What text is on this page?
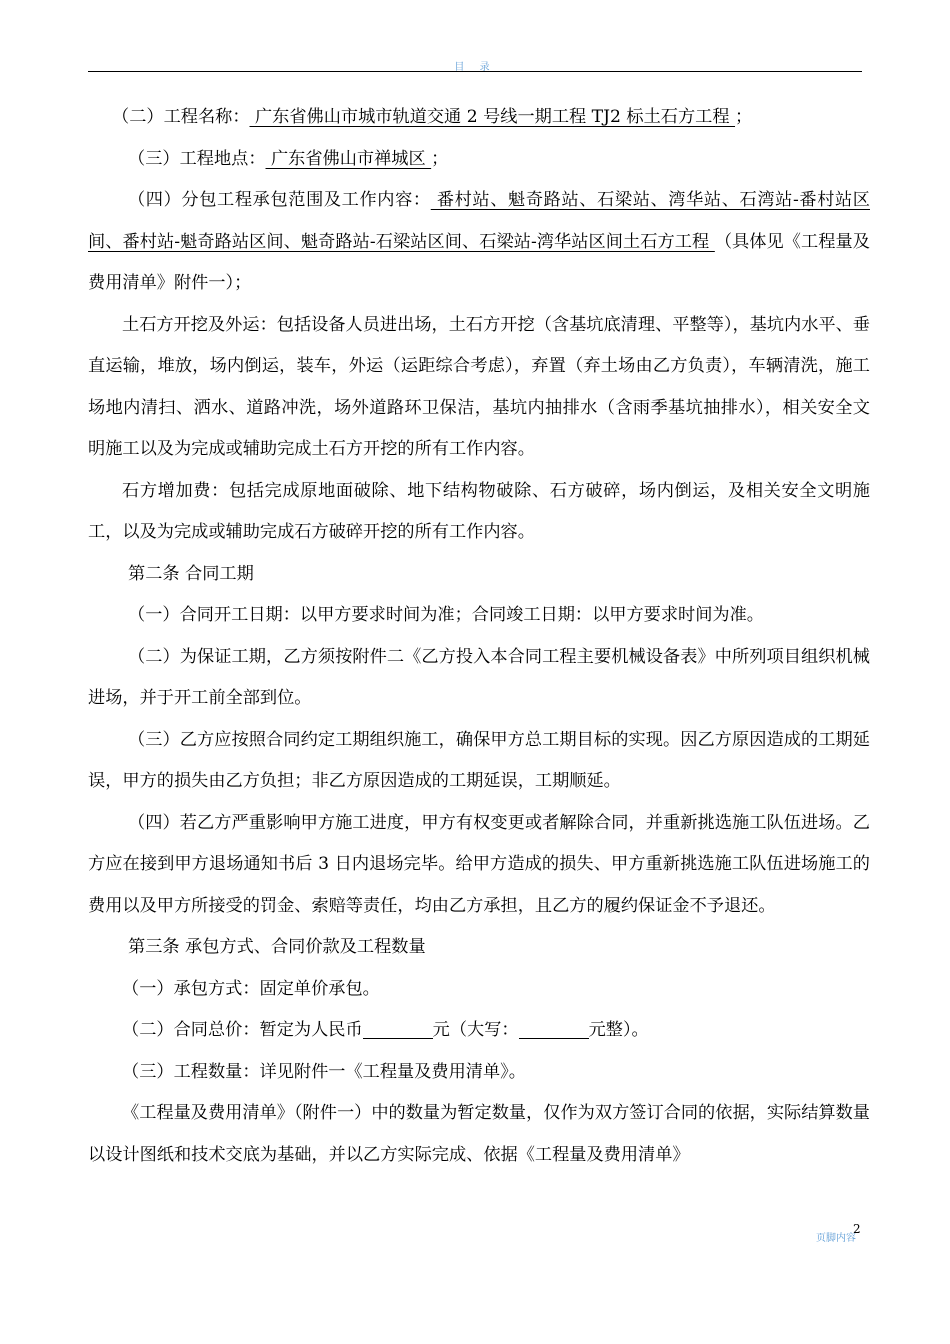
目 录

（二）工程名称： 广东省佛山市城市轨道交通 2 号线一期工程 TJ2 标土石方工程 ；

（三）工程地点： 广东省佛山市禅城区 ；

（四）分包工程承包范围及工作内容： 番村站、魁奇路站、石梁站、湾华站、石湾站-番村站区间、番村站-魁奇路站区间、魁奇路站-石梁站区间、石梁站-湾华站区间土石方工程 （具体见《工程量及费用清单》附件一）；

土石方开挖及外运：包括设备人员进出场，土石方开挖（含基坑底清理、平整等），基坑内水平、垂直运输，堆放，场内倒运，装车，外运（运距综合考虑），弃置（弃土场由乙方负责），车辆清洗，施工场地内清扫、洒水、道路冲洗，场外道路环卫保洁，基坑内抽排水（含雨季基坑抽排水），相关安全文明施工以及为完成或辅助完成土石方开挖的所有工作内容。

石方增加费：包括完成原地面破除、地下结构物破除、石方破碎，场内倒运，及相关安全文明施工，以及为完成或辅助完成石方破碎开挖的所有工作内容。

第二条 合同工期

（一）合同开工日期：以甲方要求时间为准；合同竣工日期：以甲方要求时间为准。

（二）为保证工期，乙方须按附件二《乙方投入本合同工程主要机械设备表》中所列项目组织机械进场，并于开工前全部到位。

（三）乙方应按照合同约定工期组织施工，确保甲方总工期目标的实现。因乙方原因造成的工期延误，甲方的损失由乙方负担；非乙方原因造成的工期延误，工期顺延。

（四）若乙方严重影响甲方施工进度，甲方有权变更或者解除合同，并重新挑选施工队伍进场。乙方应在接到甲方退场通知书后 3 日内退场完毕。给甲方造成的损失、甲方重新挑选施工队伍进场施工的费用以及甲方所接受的罚金、索赔等责任，均由乙方承担，且乙方的履约保证金不予退还。

第三条 承包方式、合同价款及工程数量

（一）承包方式：固定单价承包。

（二）合同总价：暂定为人民币	元（大写：	元整）。

（三）工程数量：详见附件一《工程量及费用清单》。

《工程量及费用清单》（附件一）中的数量为暂定数量，仅作为双方签订合同的依据，实际结算数量以设计图纸和技术交底为基础，并以乙方实际完成、依据《工程量及费用清单》

页脚内容
2
